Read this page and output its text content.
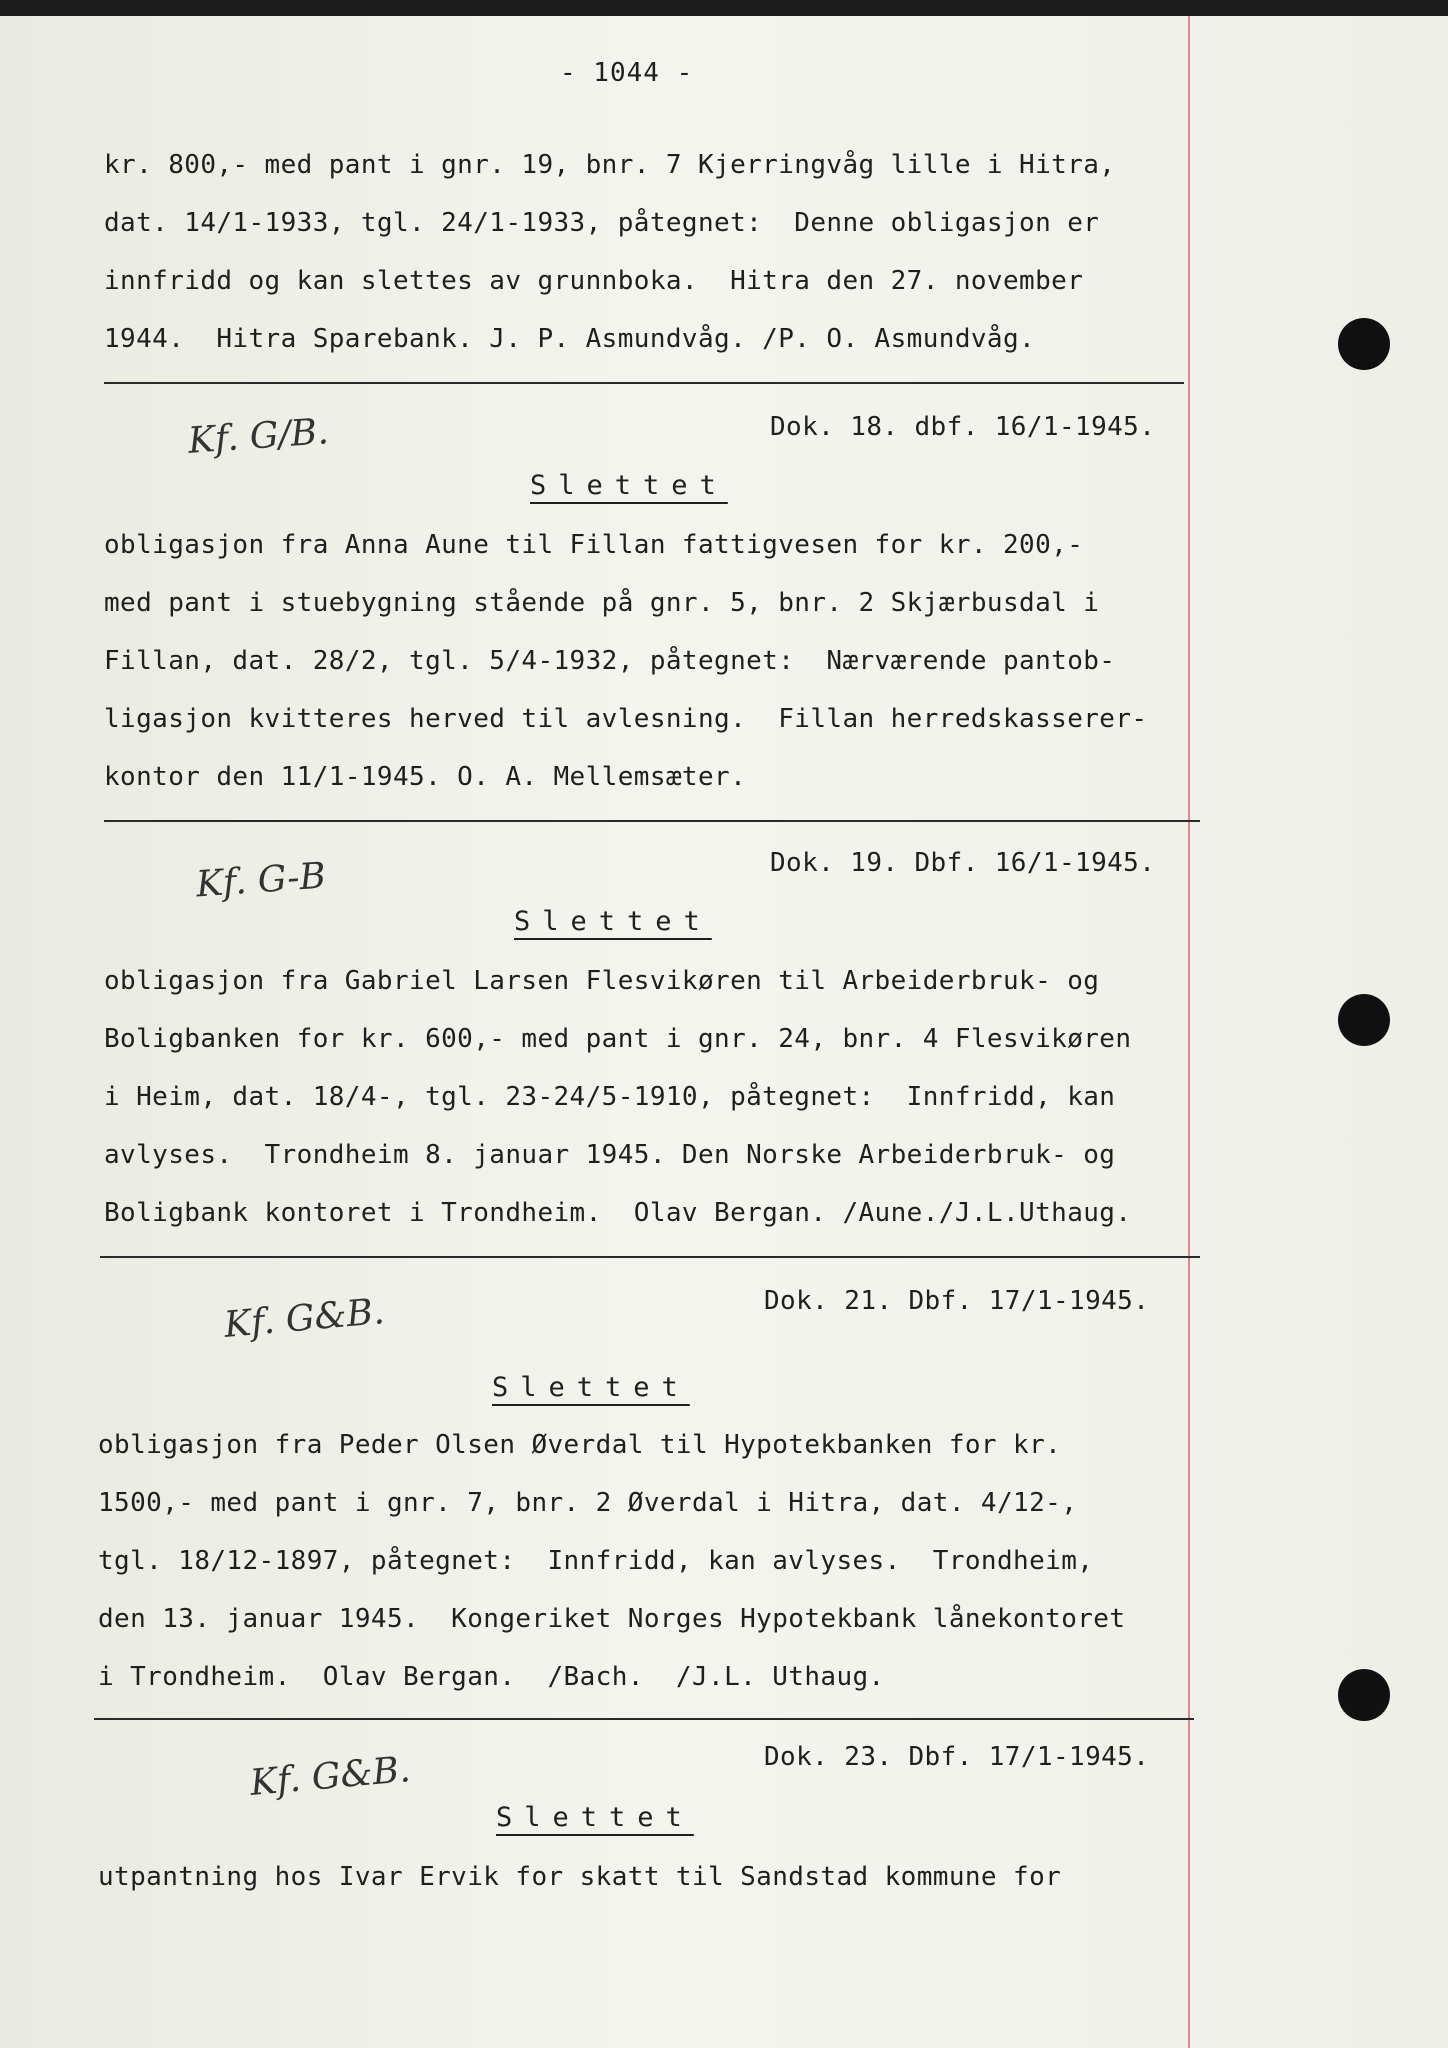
- 1044 -
kr. 800,- med pant i gnr. 19, bnr. 7 Kjerringvåg lille i Hitra,
dat. 14/1-1933, tgl. 24/1-1933, påtegnet:  Denne obligasjon er
innfridd og kan slettes av grunnboka.  Hitra den 27. november
1944.  Hitra Sparebank. J. P. Asmundvåg. /P. O. Asmundvåg.
Kf. G/B.	Dok. 18. dbf. 16/1-1945.
Slettet
obligasjon fra Anna Aune til Fillan fattigvesen for kr. 200,-
med pant i stuebygning stående på gnr. 5, bnr. 2 Skjærbusdal i
Fillan, dat. 28/2, tgl. 5/4-1932, påtegnet:  Nærværende pantob-
ligasjon kvitteres herved til avlesning.  Fillan herredskasserer-
kontor den 11/1-1945. O. A. Mellemsæter.
Kf. G-B	Dok. 19. Dbf. 16/1-1945.
Slettet
obligasjon fra Gabriel Larsen Flesvikøren til Arbeiderbruk- og
Boligbanken for kr. 600,- med pant i gnr. 24, bnr. 4 Flesvikøren
i Heim, dat. 18/4-, tgl. 23-24/5-1910, påtegnet:  Innfridd, kan
avlyses.  Trondheim 8. januar 1945. Den Norske Arbeiderbruk- og
Boligbank kontoret i Trondheim.  Olav Bergan. /Aune./J.L.Uthaug.
Kf. G&B.	Dok. 21. Dbf. 17/1-1945.
Slettet
obligasjon fra Peder Olsen Øverdal til Hypotekbanken for kr.
1500,- med pant i gnr. 7, bnr. 2 Øverdal i Hitra, dat. 4/12-,
tgl. 18/12-1897, påtegnet:  Innfridd, kan avlyses.  Trondheim,
den 13. januar 1945.  Kongeriket Norges Hypotekbank lånekontoret
i Trondheim.  Olav Bergan.  /Bach.  /J.L. Uthaug.
Kf. G&B.	Dok. 23. Dbf. 17/1-1945.
Slettet
utpantning hos Ivar Ervik for skatt til Sandstad kommune for
